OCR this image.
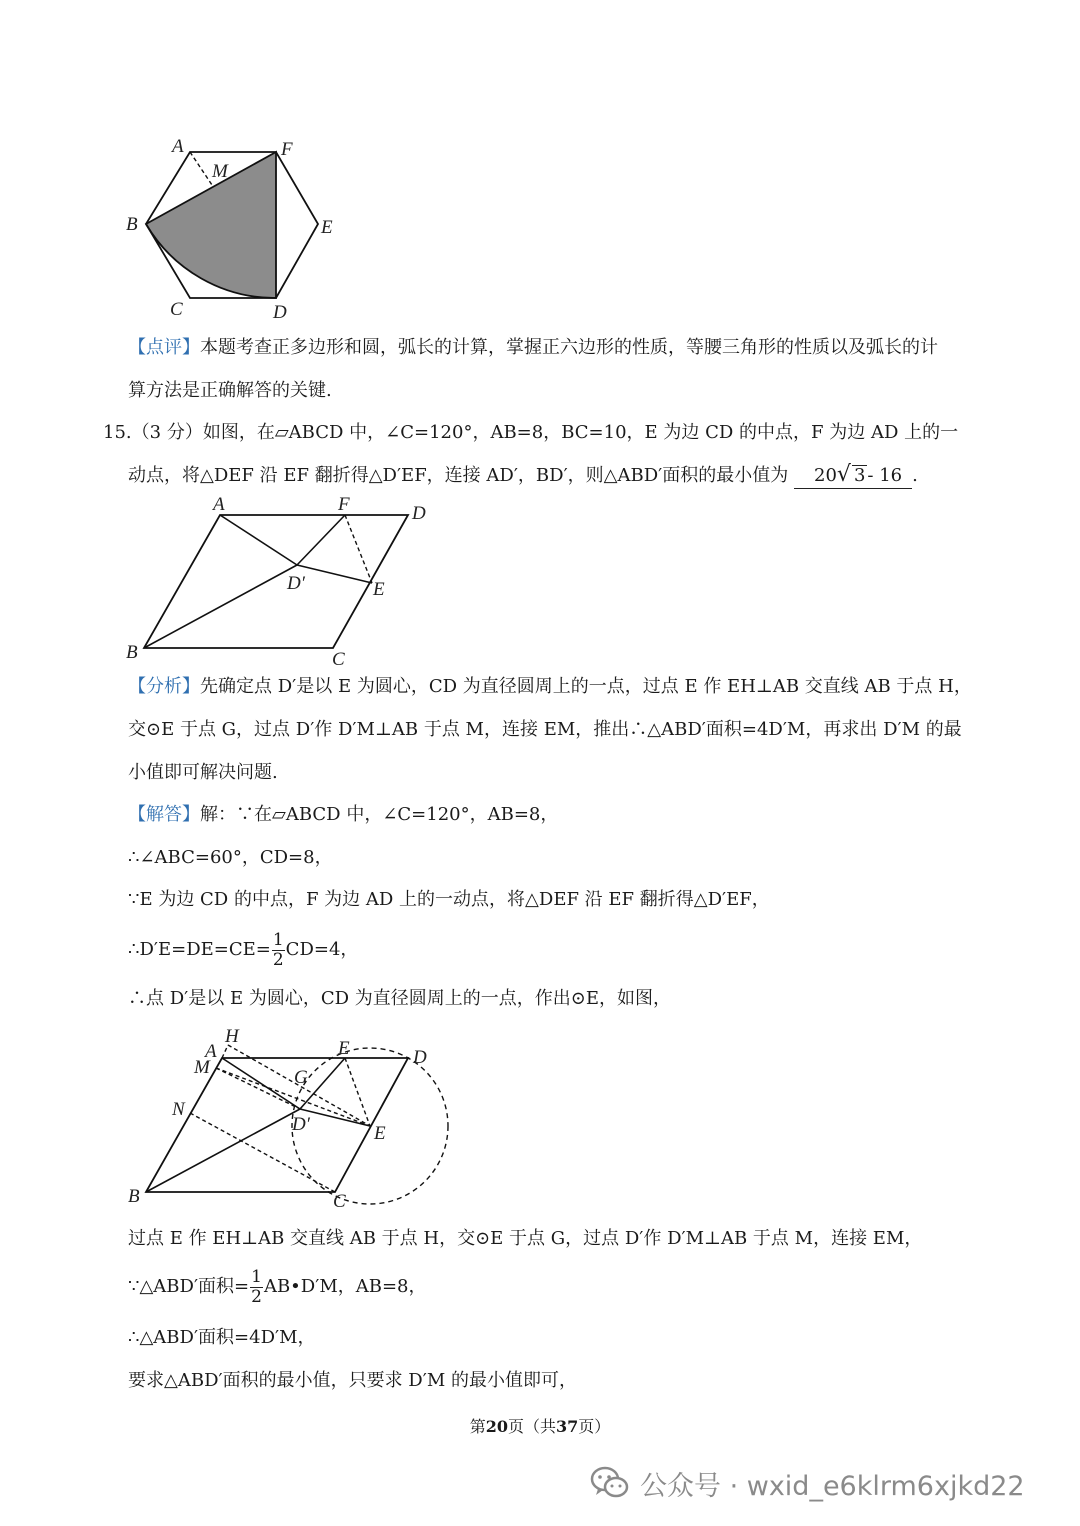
A	F
M
B	E
C	D
【点评】本题考查正多边形和圆，弧长的计算，掌握正六边形的性质，等腰三角形的性质以及弧长的计
算方法是正确解答的关键.
15.（3 分）如图，在▱ABCD 中，∠C=120°，AB=8，BC=10，E 为边 CD 的中点，F 为边 AD 上的一
动点，将△DEF 沿 EF 翻折得△D′EF，连接 AD′，BD′，则△ABD′面积的最小值为 20√ 3 - 16 .
A	F	D
D′	E
B	C
【分析】先确定点 D′是以 E 为圆心，CD 为直径圆周上的一点，过点 E 作 EH⊥AB 交直线 AB 于点 H，
交⊙E 于点 G，过点 D′作 D′M⊥AB 于点 M，连接 EM，推出∴△ABD′面积=4D′M，再求出 D′M 的最
小值即可解决问题.
【解答】解：∵在▱ABCD 中，∠C=120°，AB=8，
∴∠ABC=60°，CD=8，
∵E 为边 CD 的中点，F 为边 AD 上的一动点，将△DEF 沿 EF 翻折得△D′EF，
∴D′E=DE=CE= $\frac{1}{2} CD=4$，
∴点 D′是以 E 为圆心，CD 为直径圆周上的一点，作出⊙E，如图，
H
A
M
E	D
G
N
D′	E
B	C
过点 E 作 EH⊥AB 交直线 AB 于点 H，交⊙E 于点 G，过点 D′作 D′M⊥AB 于点 M，连接 EM，
∵△ABD′面积= $\frac{1}{2}$ AB•D′M，AB=8，
∴△ABD′面积=4D′M，
要求△ABD′面积的最小值，只要求 D′M 的最小值即可，
第20页（共37页）
公众号 · wxid_e6klrm6xjkd22
